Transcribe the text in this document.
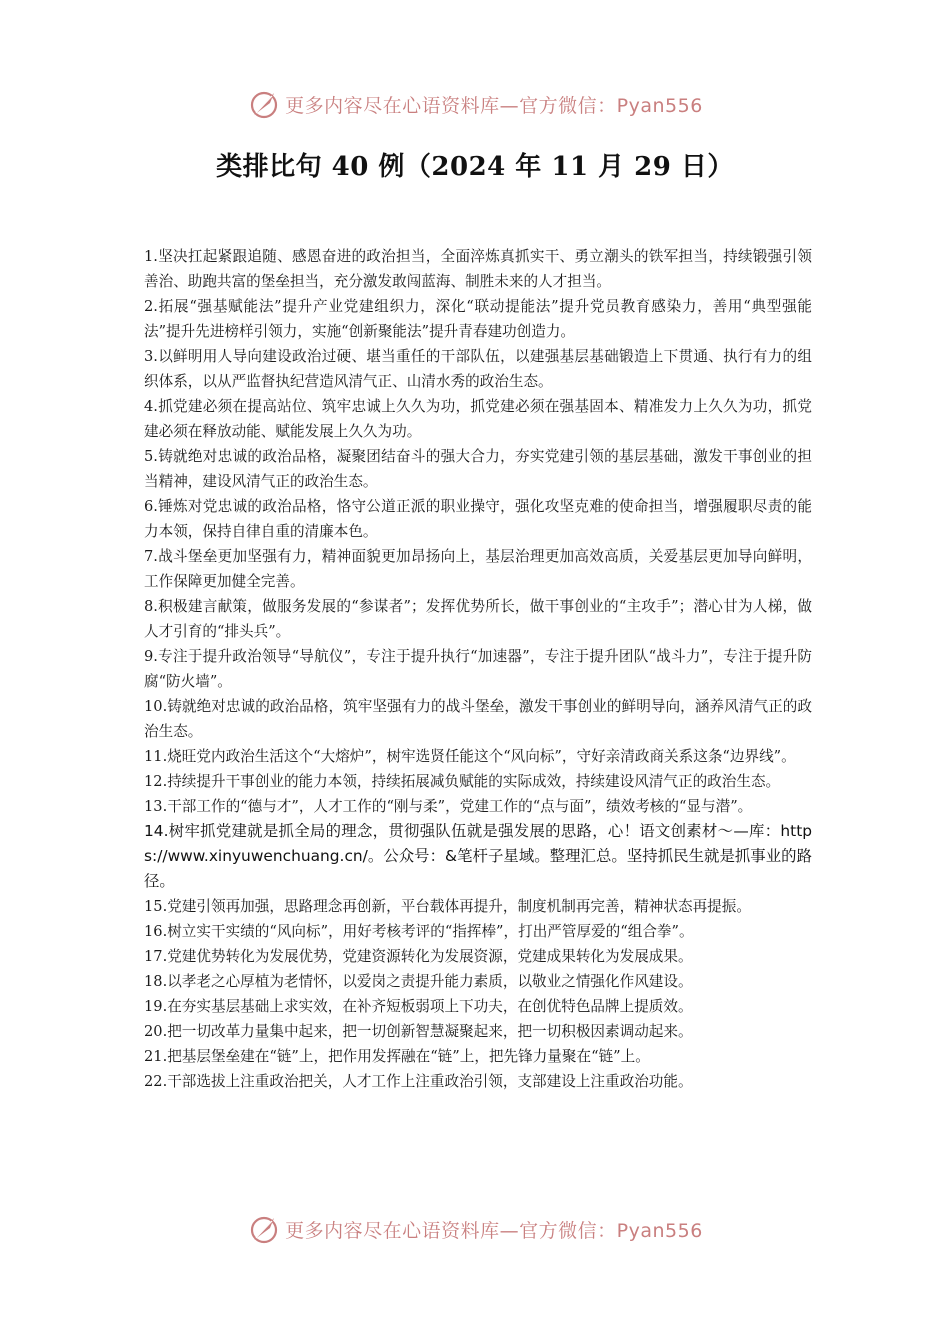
更多内容尽在心语资料库—官方微信：Pyan556
类排比句 40 例（2024 年 11 月 29 日）

1.坚决扛起紧跟追随、感恩奋进的政治担当，全面淬炼真抓实干、勇立潮头的铁军担当，持续锻强引领善治、助跑共富的堡垒担当，充分激发敢闯蓝海、制胜未来的人才担当。

2.拓展“强基赋能法”提升产业党建组织力，深化“联动提能法”提升党员教育感染力，善用“典型强能法”提升先进榜样引领力，实施“创新聚能法”提升青春建功创造力。

3.以鲜明用人导向建设政治过硬、堪当重任的干部队伍，以建强基层基础锻造上下贯通、执行有力的组织体系，以从严监督执纪营造风清气正、山清水秀的政治生态。

4.抓党建必须在提高站位、筑牢忠诚上久久为功，抓党建必须在强基固本、精准发力上久久为功，抓党建必须在释放动能、赋能发展上久久为功。

5.铸就绝对忠诚的政治品格，凝聚团结奋斗的强大合力，夯实党建引领的基层基础，激发干事创业的担当精神，建设风清气正的政治生态。

6.锤炼对党忠诚的政治品格，恪守公道正派的职业操守，强化攻坚克难的使命担当，增强履职尽责的能力本领，保持自律自重的清廉本色。

7.战斗堡垒更加坚强有力，精神面貌更加昂扬向上，基层治理更加高效高质，关爱基层更加导向鲜明，工作保障更加健全完善。

8.积极建言献策，做服务发展的“参谋者”；发挥优势所长，做干事创业的“主攻手”；潜心甘为人梯，做人才引育的“排头兵”。

9.专注于提升政治领导“导航仪”，专注于提升执行“加速器”，专注于提升团队“战斗力”，专注于提升防腐“防火墙”。

10.铸就绝对忠诚的政治品格，筑牢坚强有力的战斗堡垒，激发干事创业的鲜明导向，涵养风清气正的政治生态。

11.烧旺党内政治生活这个“大熔炉”，树牢选贤任能这个“风向标”，守好亲清政商关系这条“边界线”。

12.持续提升干事创业的能力本领，持续拓展减负赋能的实际成效，持续建设风清气正的政治生态。

13.干部工作的“德与才”，人才工作的“刚与柔”，党建工作的“点与面”，绩效考核的“显与潜”。

14.树牢抓党建就是抓全局的理念，贯彻强队伍就是强发展的思路，心！语文创素材～—库：https://www.xinyuwenchuang.cn/。公众号：&笔杆子星域。整理汇总。坚持抓民生就是抓事业的路径。

15.党建引领再加强，思路理念再创新，平台载体再提升，制度机制再完善，精神状态再提振。

16.树立实干实绩的“风向标”，用好考核考评的“指挥棒”，打出严管厚爱的“组合拳”。

17.党建优势转化为发展优势，党建资源转化为发展资源，党建成果转化为发展成果。

18.以孝老之心厚植为老情怀，以爱岗之责提升能力素质，以敬业之情强化作风建设。

19.在夯实基层基础上求实效，在补齐短板弱项上下功夫，在创优特色品牌上提质效。

20.把一切改革力量集中起来，把一切创新智慧凝聚起来，把一切积极因素调动起来。

21.把基层堡垒建在“链”上，把作用发挥融在“链”上，把先锋力量聚在“链”上。

22.干部选拔上注重政治把关，人才工作上注重政治引领，支部建设上注重政治功能。

更多内容尽在心语资料库—官方微信：Pyan556
